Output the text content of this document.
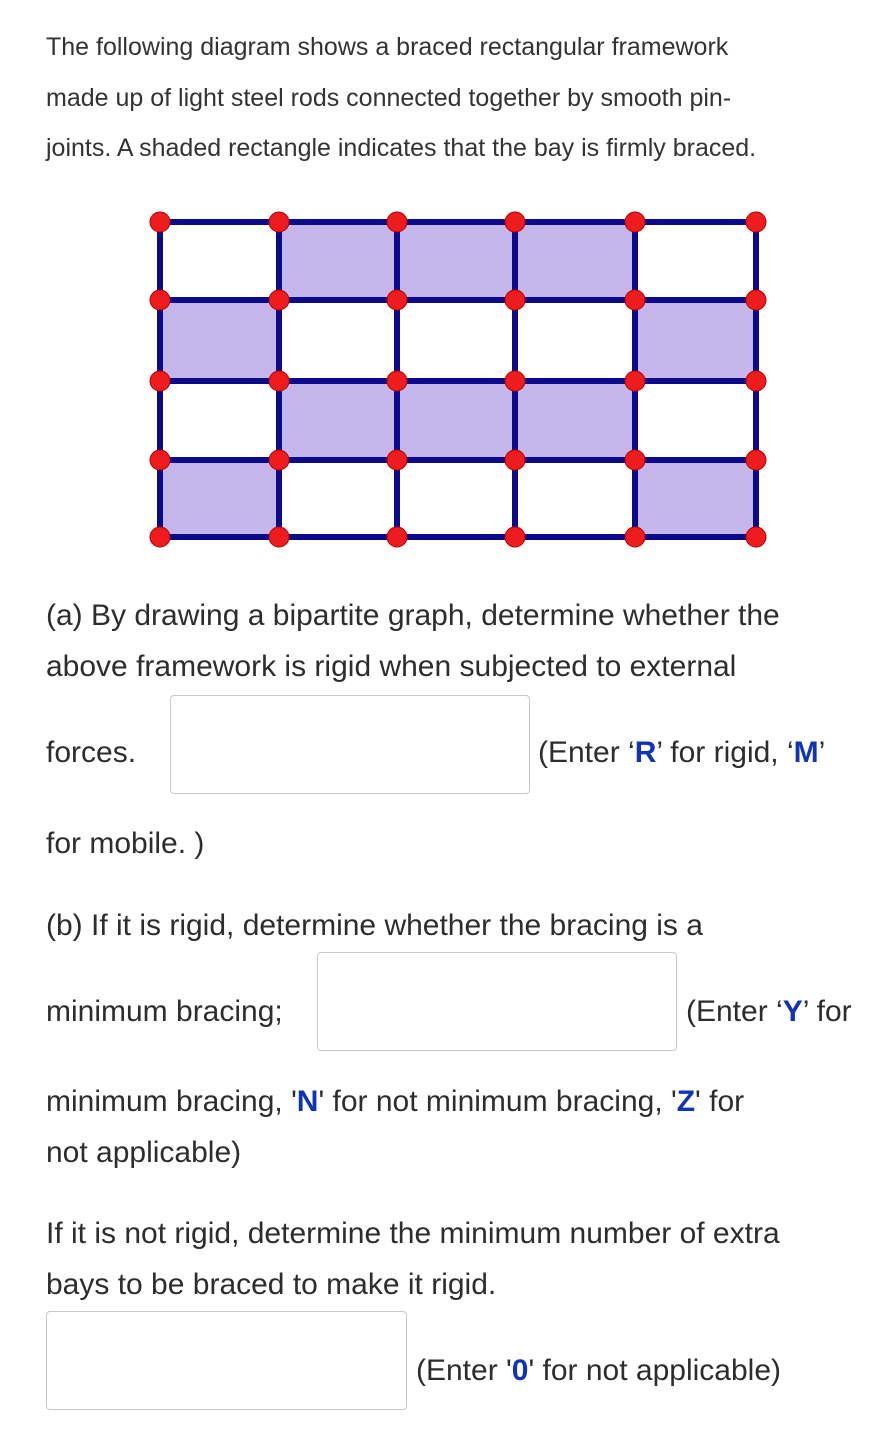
The following diagram shows a braced rectangular framework
made up of light steel rods connected together by smooth pin-
joints. A shaded rectangle indicates that the bay is firmly braced.
(a) By drawing a bipartite graph, determine whether the
above framework is rigid when subjected to external
forces.	(Enter ‘R’ for rigid, ‘M’
for mobile. )
(b) If it is rigid, determine whether the bracing is a
minimum bracing;	(Enter ‘Y’ for
minimum bracing, 'N' for not minimum bracing, 'Z' for
not applicable)
If it is not rigid, determine the minimum number of extra
bays to be braced to make it rigid.
(Enter '0' for not applicable)
